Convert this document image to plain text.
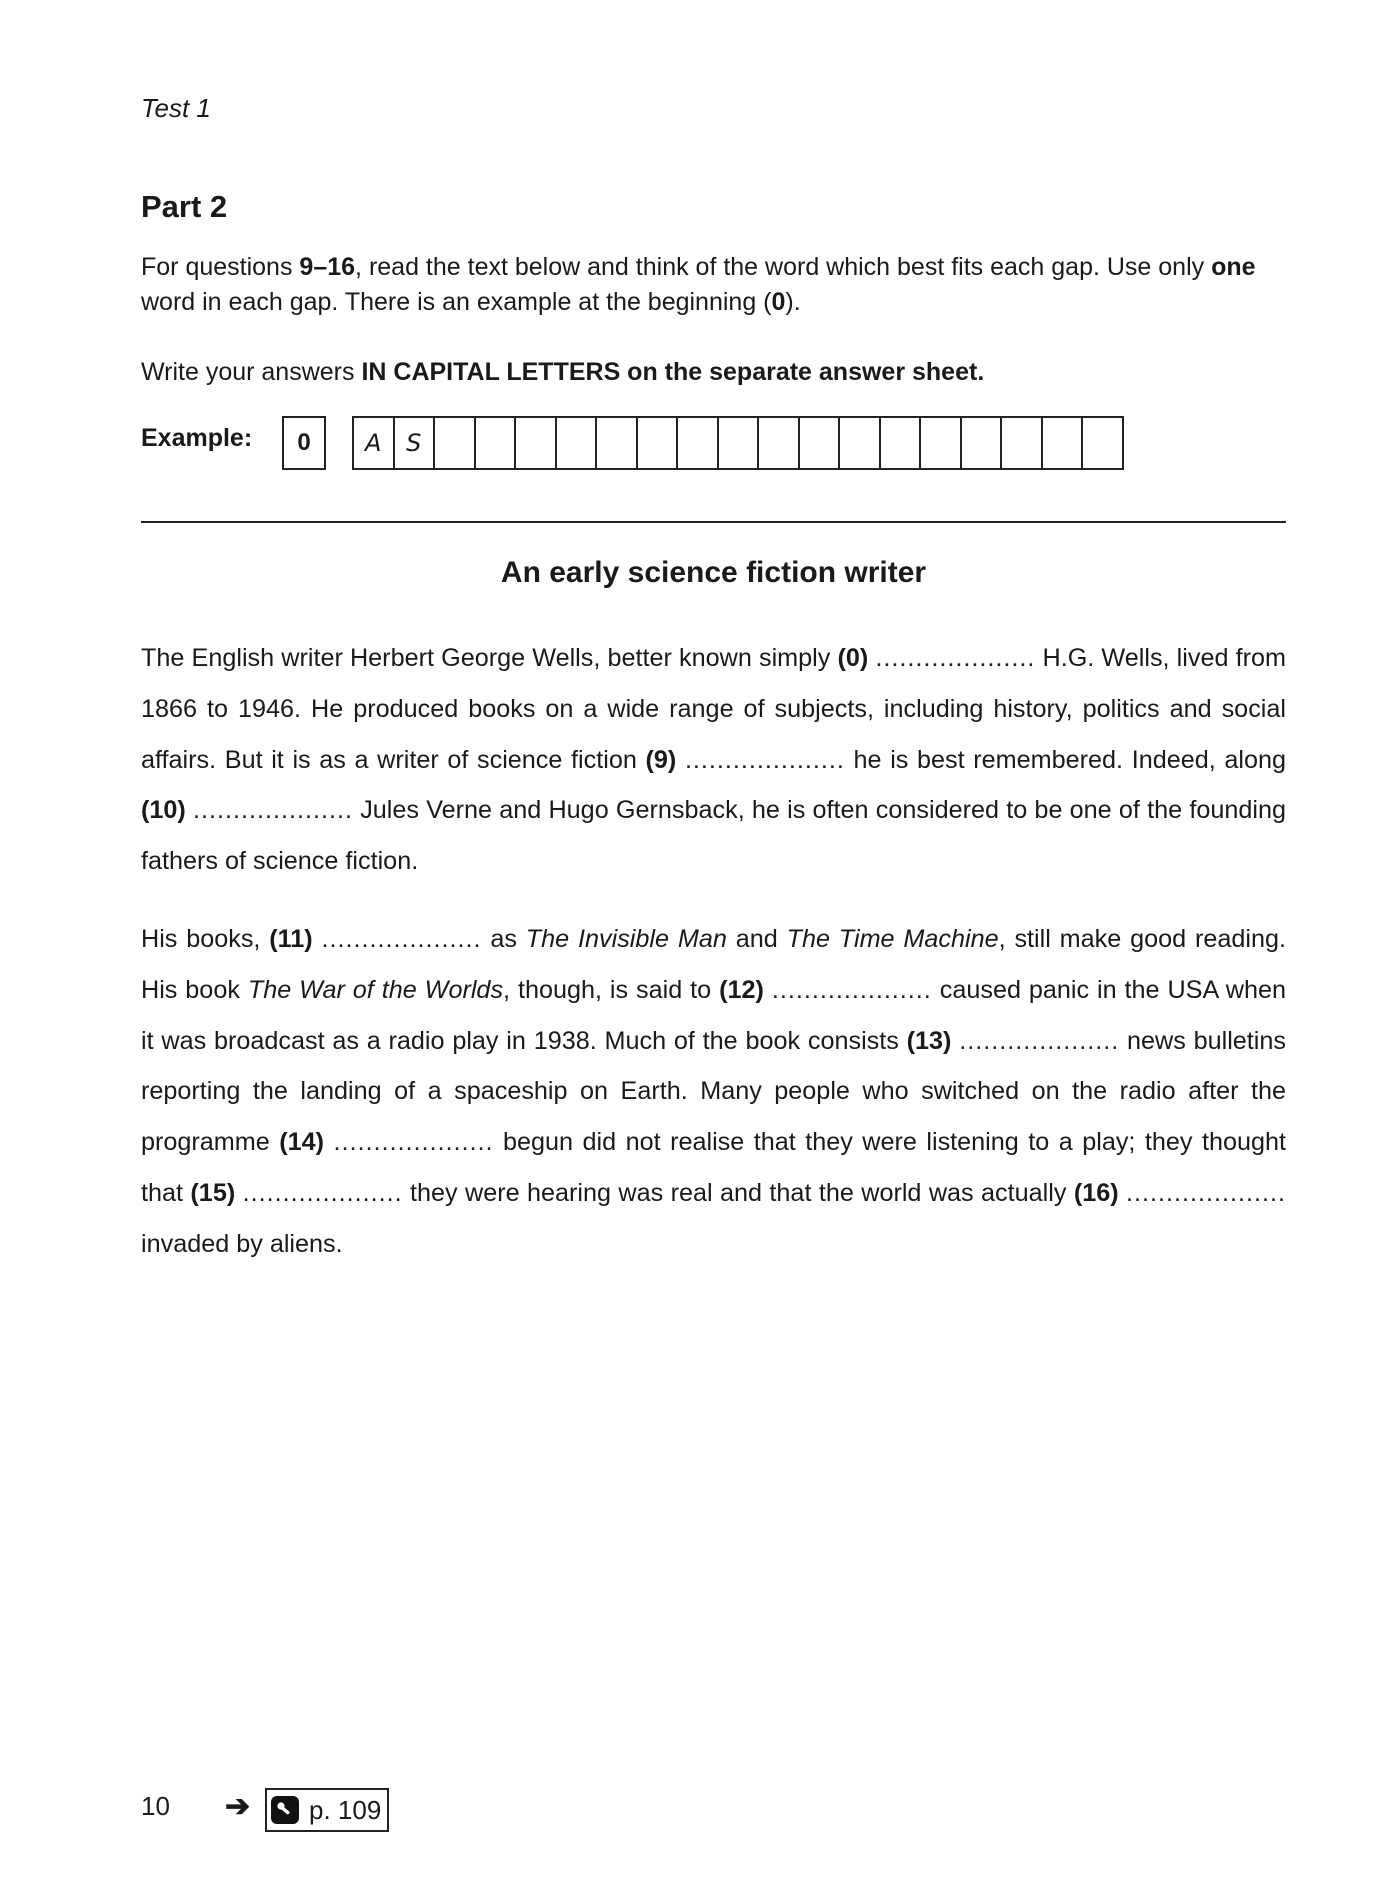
Test 1
Part 2

For questions 9–16, read the text below and think of the word which best fits each gap. Use only one word in each gap. There is an example at the beginning (0).

Write your answers IN CAPITAL LETTERS on the separate answer sheet.

Example:	0	A	S
An early science fiction writer

The English writer Herbert George Wells, better known simply (0) .................... H.G. Wells, lived from 1866 to 1946. He produced books on a wide range of subjects, including history, politics and social affairs. But it is as a writer of science fiction (9) .................... he is best remembered. Indeed, along (10) .................... Jules Verne and Hugo Gernsback, he is often considered to be one of the founding fathers of science fiction.

His books, (11) .................... as The Invisible Man and The Time Machine, still make good reading. His book The War of the Worlds, though, is said to (12) .................... caused panic in the USA when it was broadcast as a radio play in 1938. Much of the book consists (13) .................... news bulletins reporting the landing of a spaceship on Earth. Many people who switched on the radio after the programme (14) .................... begun did not realise that they were listening to a play; they thought that (15) .................... they were hearing was real and that the world was actually (16) .................... invaded by aliens.

10	➔	p. 109
